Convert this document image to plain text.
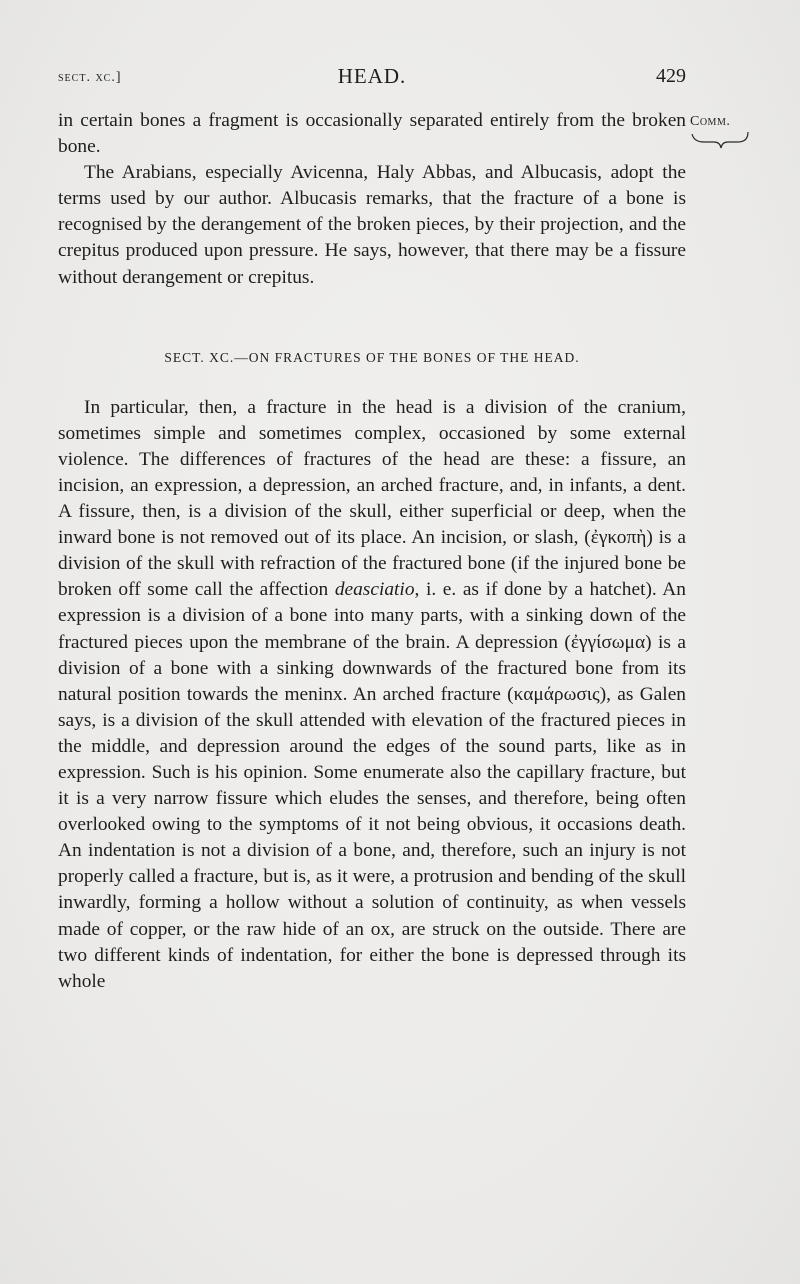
sect. xc.]	HEAD.	429
Comm.

in certain bones a fragment is occasionally separated entirely from the broken bone.

The Arabians, especially Avicenna, Haly Abbas, and Albucasis, adopt the terms used by our author. Albucasis remarks, that the fracture of a bone is recognised by the derangement of the broken pieces, by their projection, and the crepitus produced upon pressure. He says, however, that there may be a fissure without derangement or crepitus.

SECT. XC.—ON FRACTURES OF THE BONES OF THE HEAD.

In particular, then, a fracture in the head is a division of the cranium, sometimes simple and sometimes complex, occasioned by some external violence. The differences of fractures of the head are these: a fissure, an incision, an expression, a depression, an arched fracture, and, in infants, a dent. A fissure, then, is a division of the skull, either superficial or deep, when the inward bone is not removed out of its place. An incision, or slash, (ἐγκοπὴ) is a division of the skull with refraction of the fractured bone (if the injured bone be broken off some call the affection deasciatio, i. e. as if done by a hatchet). An expression is a division of a bone into many parts, with a sinking down of the fractured pieces upon the membrane of the brain. A depression (ἐγγίσωμα) is a division of a bone with a sinking downwards of the fractured bone from its natural position towards the meninx. An arched fracture (καμάρωσις), as Galen says, is a division of the skull attended with elevation of the fractured pieces in the middle, and depression around the edges of the sound parts, like as in expression. Such is his opinion. Some enumerate also the capillary fracture, but it is a very narrow fissure which eludes the senses, and therefore, being often overlooked owing to the symptoms of it not being obvious, it occasions death. An indentation is not a division of a bone, and, therefore, such an injury is not properly called a fracture, but is, as it were, a protrusion and bending of the skull inwardly, forming a hollow without a solution of continuity, as when vessels made of copper, or the raw hide of an ox, are struck on the outside. There are two different kinds of indentation, for either the bone is depressed through its whole
